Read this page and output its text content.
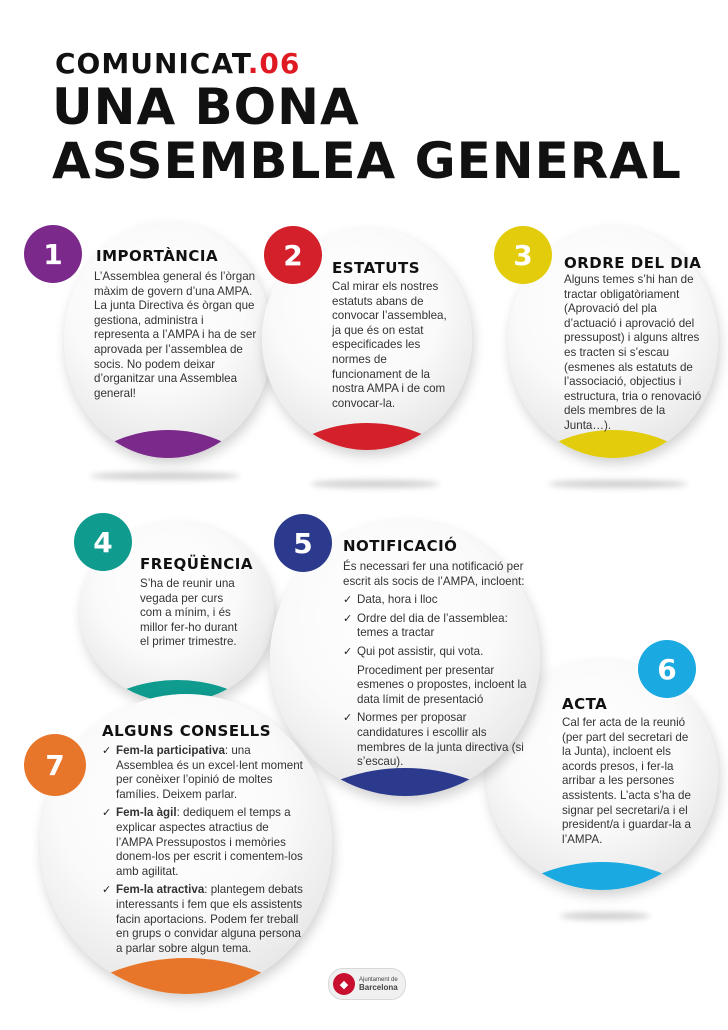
COMUNICAT.06
UNA BONA
ASSEMBLEA GENERAL
1	IMPORTÀNCIA
L’Assemblea general és l’òrgan màxim de govern d’una AMPA. La junta Directiva és òrgan que gestiona, administra i representa a l’AMPA i ha de ser aprovada per l’assemblea de socis. No podem deixar d’organitzar una Assemblea general!
2	ESTATUTS
Cal mirar els nostres estatuts abans de convocar l’assemblea, ja que és on estat especificades les normes de funcionament de la nostra AMPA i de com convocar-la.
3	ORDRE DEL DIA
Alguns temes s’hi han de tractar obligatòriament (Aprovació del pla d’actuació i aprovació del pressupost) i alguns altres es tracten si s’escau (esmenes als estatuts de l’associació, objectius i estructura, tria o renovació dels membres de la Junta…).
4
FREQÜÈNCIA
S’ha de reunir una vegada per curs com a mínim, i és millor fer-ho durant el primer trimestre.
5	NOTIFICACIÓ
És necessari fer una notificació per escrit als socis de l’AMPA, incloent:
✓ Data, hora i lloc
✓ Ordre del dia de l’assemblea: temes a tractar
✓ Qui pot assistir, qui vota.
Procediment per presentar esmenes o propostes, incloent la data límit de presentació
✓ Normes per proposar candidatures i escollir als membres de la junta directiva (si s’escau).
6
ACTA
Cal fer acta de la reunió (per part del secretari de la Junta), incloent els acords presos, i fer-la arribar a les persones assistents. L’acta s’ha de signar pel secretari/a i el president/a i guardar-la a l’AMPA.
7
ALGUNS CONSELLS
✓ Fem-la participativa: una Assemblea és un excel·lent moment per conèixer l’opinió de moltes famílies. Deixem parlar.
✓ Fem-la àgil: dediquem el temps a explicar aspectes atractius de l’AMPA Pressupostos i memòries donem-los per escrit i comentem-los amb agilitat.
✓ Fem-la atractiva: plantegem debats interessants i fem que els assistents facin aportacions. Podem fer treball en grups o convidar alguna persona a parlar sobre algun tema.
◆	Ajuntament de
Barcelona
